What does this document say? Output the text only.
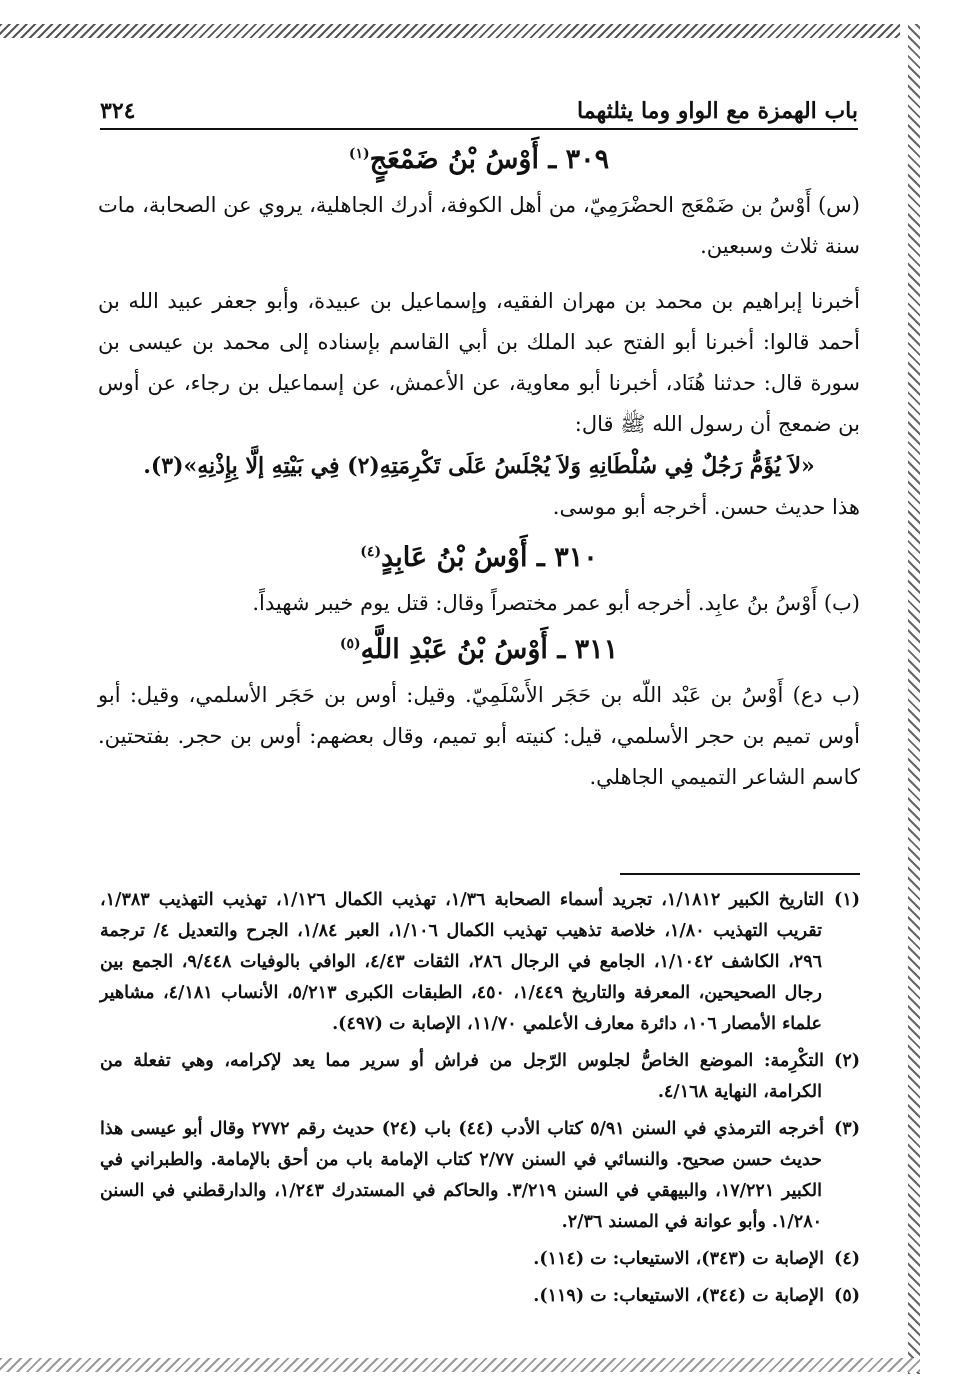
باب الهمزة مع الواو وما يثلثهما
٣٢٤
٣٠٩ ـ أَوْسُ بْنُ ضَمْعَجٍ$^{(١)}$

(س) أَوْسُ بن ضَمْعَج الحضْرَمِيّ، من أهل الكوفة، أدرك الجاهلية، يروي عن الصحابة، مات سنة ثلاث وسبعين.

أخبرنا إبراهيم بن محمد بن مهران الفقيه، وإسماعيل بن عبيدة، وأبو جعفر عبيد الله بن أحمد قالوا: أخبرنا أبو الفتح عبد الملك بن أبي القاسم بإسناده إلى محمد بن عيسى بن سورة قال: حدثنا هُنَاد، أخبرنا أبو معاوية، عن الأعمش، عن إسماعيل بن رجاء، عن أوس بن ضمعج أن رسول الله ﷺ قال:

«لاَ يُؤَمُّ رَجُلٌ فِي سُلْطَانِهِ وَلاَ يُجْلَسُ عَلَى تَكْرِمَتِهِ(٢) فِي بَيْتِهِ إلَّا بِإِذْنِهِ»(٣).

هذا حديث حسن. أخرجه أبو موسى.

٣١٠ ـ أَوْسُ بْنُ عَابِدٍ$^{(٤)}$

(ب) أَوْسُ بنُ عابِد. أخرجه أبو عمر مختصراً وقال: قتل يوم خيبر شهيداً.

٣١١ ـ أَوْسُ بْنُ عَبْدِ اللَّهِ$^{(٥)}$

(ب دع) أَوْسُ بن عَبْد اللّه بن حَجَر الأَسْلَمِيّ. وقيل: أوس بن حَجَر الأسلمي، وقيل: أبو أوس تميم بن حجر الأسلمي، قيل: كنيته أبو تميم، وقال بعضهم: أوس بن حجر. بفتحتين. كاسم الشاعر التميمي الجاهلي.

(١)التاريخ الكبير ١/١٨١٢، تجريد أسماء الصحابة ١/٣٦، تهذيب الكمال ١/١٢٦، تهذيب التهذيب ١/٣٨٣، تقريب التهذيب ١/٨٠، خلاصة تذهيب تهذيب الكمال ١/١٠٦، العبر ١/٨٤، الجرح والتعديل ٤/ ترجمة ٢٩٦، الكاشف ١/١٠٤٢، الجامع في الرجال ٢٨٦، الثقات ٤/٤٣، الوافي بالوفيات ٩/٤٤٨، الجمع بين رجال الصحيحين، المعرفة والتاريخ ١/٤٤٩، ٤٥٠، الطبقات الكبرى ٥/٢١٣، الأنساب ٤/١٨١، مشاهير علماء الأمصار ١٠٦، دائرة معارف الأعلمي ١١/٧٠، الإصابة ت (٤٩٧).

(٢)التكْرِمة: الموضع الخاصُّ لجلوس الرّجل من فراش أو سرير مما يعد لإكرامه، وهي تفعلة من الكرامة، النهاية ٤/١٦٨.

(٣)أخرجه الترمذي في السنن ٥/٩١ كتاب الأدب (٤٤) باب (٢٤) حديث رقم ٢٧٧٢ وقال أبو عيسى هذا حديث حسن صحيح. والنسائي في السنن ٢/٧٧ كتاب الإمامة باب من أحق بالإمامة. والطبراني في الكبير ١٧/٢٢١، والبيهقي في السنن ٣/٢١٩. والحاكم في المستدرك ١/٢٤٣، والدارقطني في السنن ١/٢٨٠. وأبو عوانة في المسند ٢/٣٦.

(٤)الإصابة ت (٣٤٣)، الاستيعاب: ت (١١٤).

(٥)الإصابة ت (٣٤٤)، الاستيعاب: ت (١١٩).
